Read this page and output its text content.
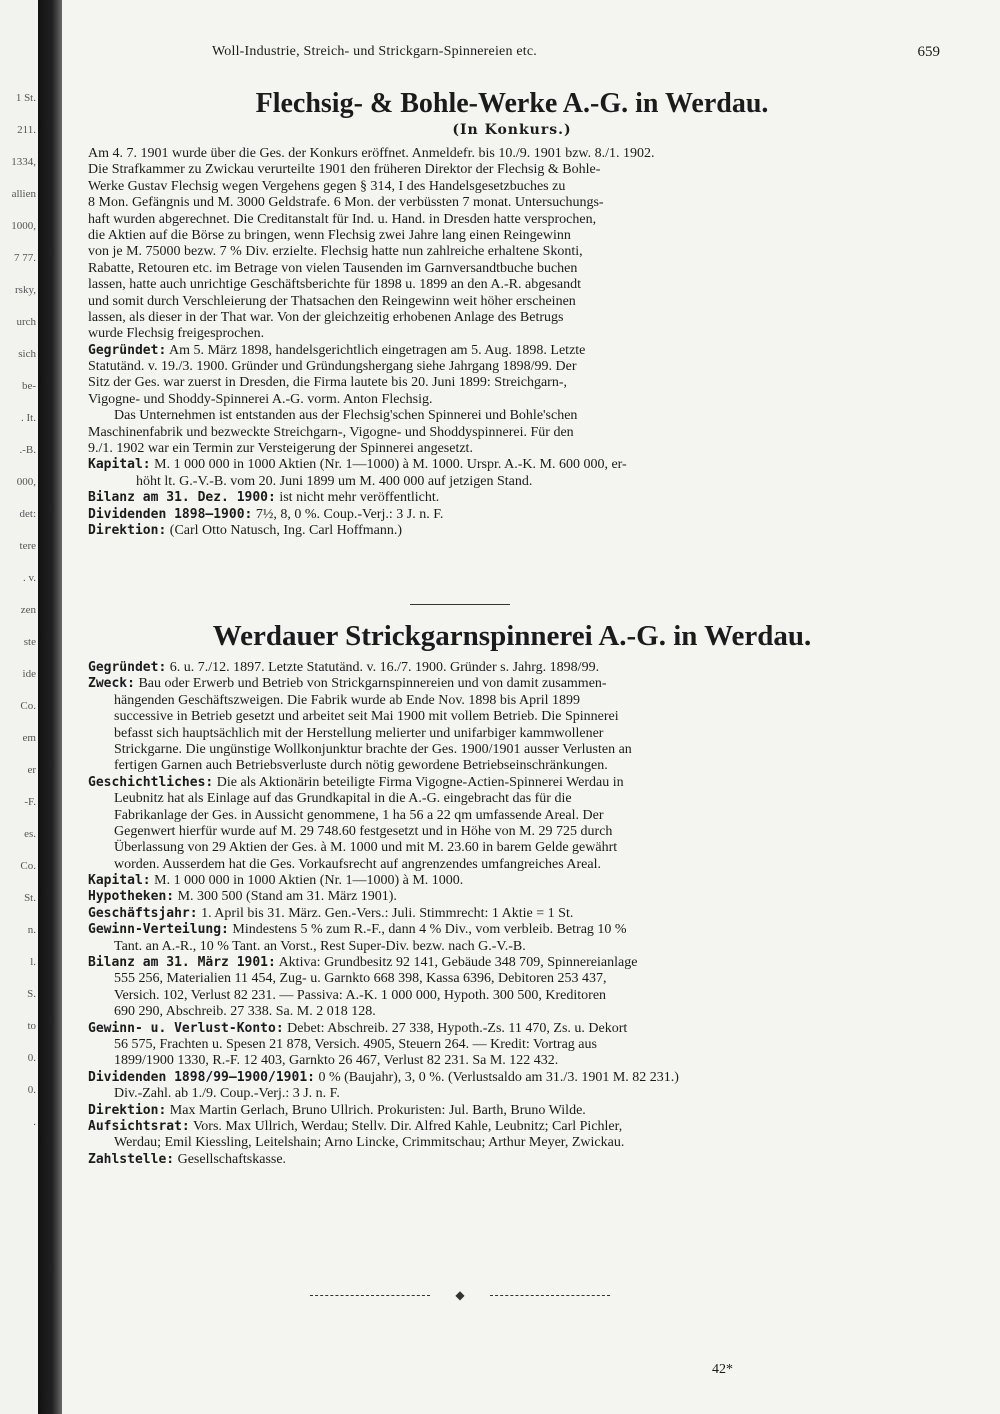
1 St.
211.
1334,
allien
1000,
7 77.
rsky,
urch
sich
be-
. It.
.-B.
000,
det:
tere
. v.
zen
ste
ide
Co.
em
er
-F.
es.
Co.
St.
n.
l.
S.
to
0.
0.
.
Woll-Industrie, Streich- und Strickgarn-Spinnereien etc.	659
Flechsig- & Bohle-Werke A.-G. in Werdau.
(In Konkurs.)
Am 4. 7. 1901 wurde über die Ges. der Konkurs eröffnet. Anmeldefr. bis 10./9. 1901 bzw. 8./1. 1902.
Die Strafkammer zu Zwickau verurteilte 1901 den früheren Direktor der Flechsig & Bohle-
Werke Gustav Flechsig wegen Vergehens gegen § 314, I des Handelsgesetzbuches zu
8 Mon. Gefängnis und M. 3000 Geldstrafe. 6 Mon. der verbüssten 7 monat. Untersuchungs-
haft wurden abgerechnet. Die Creditanstalt für Ind. u. Hand. in Dresden hatte versprochen,
die Aktien auf die Börse zu bringen, wenn Flechsig zwei Jahre lang einen Reingewinn
von je M. 75000 bezw. 7 % Div. erzielte. Flechsig hatte nun zahlreiche erhaltene Skonti,
Rabatte, Retouren etc. im Betrage von vielen Tausenden im Garnversandtbuche buchen
lassen, hatte auch unrichtige Geschäftsberichte für 1898 u. 1899 an den A.-R. abgesandt
und somit durch Verschleierung der Thatsachen den Reingewinn weit höher erscheinen
lassen, als dieser in der That war. Von der gleichzeitig erhobenen Anlage des Betrugs
wurde Flechsig freigesprochen.
Gegründet: Am 5. März 1898, handelsgerichtlich eingetragen am 5. Aug. 1898. Letzte
Statutänd. v. 19./3. 1900. Gründer und Gründungshergang siehe Jahrgang 1898/99. Der
Sitz der Ges. war zuerst in Dresden, die Firma lautete bis 20. Juni 1899: Streichgarn-,
Vigogne- und Shoddy-Spinnerei A.-G. vorm. Anton Flechsig.
Das Unternehmen ist entstanden aus der Flechsig'schen Spinnerei und Bohle'schen
Maschinenfabrik und bezweckte Streichgarn-, Vigogne- und Shoddyspinnerei. Für den
9./1. 1902 war ein Termin zur Versteigerung der Spinnerei angesetzt.
Kapital: M. 1 000 000 in 1000 Aktien (Nr. 1—1000) à M. 1000. Urspr. A.-K. M. 600 000, er-
höht lt. G.-V.-B. vom 20. Juni 1899 um M. 400 000 auf jetzigen Stand.
Bilanz am 31. Dez. 1900: ist nicht mehr veröffentlicht.
Dividenden 1898—1900: 7½, 8, 0 %. Coup.-Verj.: 3 J. n. F.
Direktion: (Carl Otto Natusch, Ing. Carl Hoffmann.)
Werdauer Strickgarnspinnerei A.-G. in Werdau.
Gegründet: 6. u. 7./12. 1897. Letzte Statutänd. v. 16./7. 1900. Gründer s. Jahrg. 1898/99.
Zweck: Bau oder Erwerb und Betrieb von Strickgarnspinnereien und von damit zusammen-
hängenden Geschäftszweigen. Die Fabrik wurde ab Ende Nov. 1898 bis April 1899
successive in Betrieb gesetzt und arbeitet seit Mai 1900 mit vollem Betrieb. Die Spinnerei
befasst sich hauptsächlich mit der Herstellung melierter und unifarbiger kammwollener
Strickgarne. Die ungünstige Wollkonjunktur brachte der Ges. 1900/1901 ausser Verlusten an
fertigen Garnen auch Betriebsverluste durch nötig gewordene Betriebseinschränkungen.
Geschichtliches: Die als Aktionärin beteiligte Firma Vigogne-Actien-Spinnerei Werdau in
Leubnitz hat als Einlage auf das Grundkapital in die A.-G. eingebracht das für die
Fabrikanlage der Ges. in Aussicht genommene, 1 ha 56 a 22 qm umfassende Areal. Der
Gegenwert hierfür wurde auf M. 29 748.60 festgesetzt und in Höhe von M. 29 725 durch
Überlassung von 29 Aktien der Ges. à M. 1000 und mit M. 23.60 in barem Gelde gewährt
worden. Ausserdem hat die Ges. Vorkaufsrecht auf angrenzendes umfangreiches Areal.
Kapital: M. 1 000 000 in 1000 Aktien (Nr. 1—1000) à M. 1000.
Hypotheken: M. 300 500 (Stand am 31. März 1901).
Geschäftsjahr: 1. April bis 31. März. Gen.-Vers.: Juli. Stimmrecht: 1 Aktie = 1 St.
Gewinn-Verteilung: Mindestens 5 % zum R.-F., dann 4 % Div., vom verbleib. Betrag 10 %
Tant. an A.-R., 10 % Tant. an Vorst., Rest Super-Div. bezw. nach G.-V.-B.
Bilanz am 31. März 1901: Aktiva: Grundbesitz 92 141, Gebäude 348 709, Spinnereianlage
555 256, Materialien 11 454, Zug- u. Garnkto 668 398, Kassa 6396, Debitoren 253 437,
Versich. 102, Verlust 82 231. — Passiva: A.-K. 1 000 000, Hypoth. 300 500, Kreditoren
690 290, Abschreib. 27 338. Sa. M. 2 018 128.
Gewinn- u. Verlust-Konto: Debet: Abschreib. 27 338, Hypoth.-Zs. 11 470, Zs. u. Dekort
56 575, Frachten u. Spesen 21 878, Versich. 4905, Steuern 264. — Kredit: Vortrag aus
1899/1900 1330, R.-F. 12 403, Garnkto 26 467, Verlust 82 231. Sa M. 122 432.
Dividenden 1898/99—1900/1901: 0 % (Baujahr), 3, 0 %. (Verlustsaldo am 31./3. 1901 M. 82 231.)
Div.-Zahl. ab 1./9. Coup.-Verj.: 3 J. n. F.
Direktion: Max Martin Gerlach, Bruno Ullrich. Prokuristen: Jul. Barth, Bruno Wilde.
Aufsichtsrat: Vors. Max Ullrich, Werdau; Stellv. Dir. Alfred Kahle, Leubnitz; Carl Pichler,
Werdau; Emil Kiessling, Leitelshain; Arno Lincke, Crimmitschau; Arthur Meyer, Zwickau.
Zahlstelle: Gesellschaftskasse.
◆
42*
